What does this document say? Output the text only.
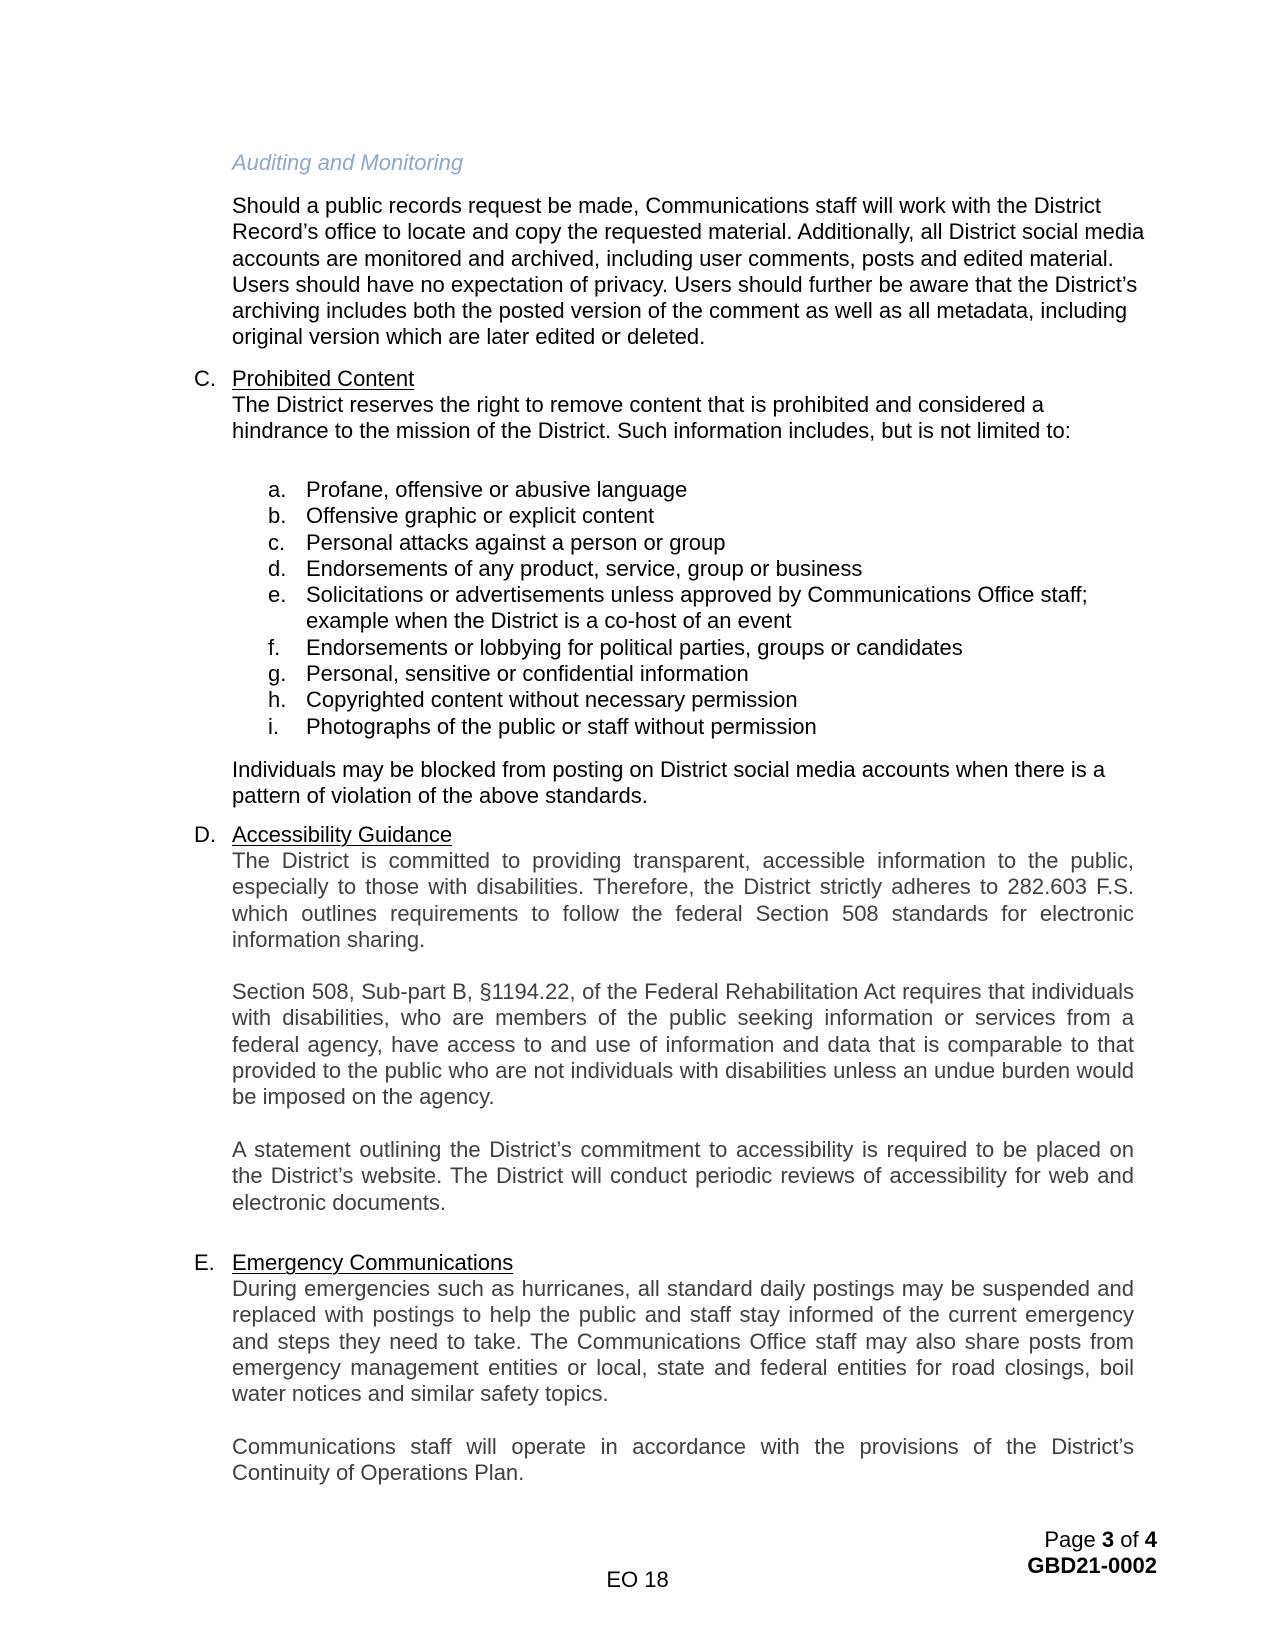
Auditing and Monitoring

Should a public records request be made, Communications staff will work with the District Record’s office to locate and copy the requested material. Additionally, all District social media accounts are monitored and archived, including user comments, posts and edited material. Users should have no expectation of privacy. Users should further be aware that the District’s archiving includes both the posted version of the comment as well as all metadata, including original version which are later edited or deleted.

C. Prohibited Content

The District reserves the right to remove content that is prohibited and considered a hindrance to the mission of the District. Such information includes, but is not limited to:

a. Profane, offensive or abusive language
b. Offensive graphic or explicit content
c. Personal attacks against a person or group
d. Endorsements of any product, service, group or business
e. Solicitations or advertisements unless approved by Communications Office staff; example when the District is a co-host of an event
f.	Endorsements or lobbying for political parties, groups or candidates
g. Personal, sensitive or confidential information
h. Copyrighted content without necessary permission
i.	Photographs of the public or staff without permission

Individuals may be blocked from posting on District social media accounts when there is a pattern of violation of the above standards.

D. Accessibility Guidance

The District is committed to providing transparent, accessible information to the public, especially to those with disabilities. Therefore, the District strictly adheres to 282.603 F.S. which outlines requirements to follow the federal Section 508 standards for electronic information sharing.

Section 508, Sub-part B, §1194.22, of the Federal Rehabilitation Act requires that individuals with disabilities, who are members of the public seeking information or services from a federal agency, have access to and use of information and data that is comparable to that provided to the public who are not individuals with disabilities unless an undue burden would be imposed on the agency.

A statement outlining the District’s commitment to accessibility is required to be placed on the District’s website. The District will conduct periodic reviews of accessibility for web and electronic documents.

E. Emergency Communications

During emergencies such as hurricanes, all standard daily postings may be suspended and replaced with postings to help the public and staff stay informed of the current emergency and steps they need to take. The Communications Office staff may also share posts from emergency management entities or local, state and federal entities for road closings, boil water notices and similar safety topics.

Communications staff will operate in accordance with the provisions of the District’s Continuity of Operations Plan.

Page 3 of 4
GBD21-0002
EO 18
